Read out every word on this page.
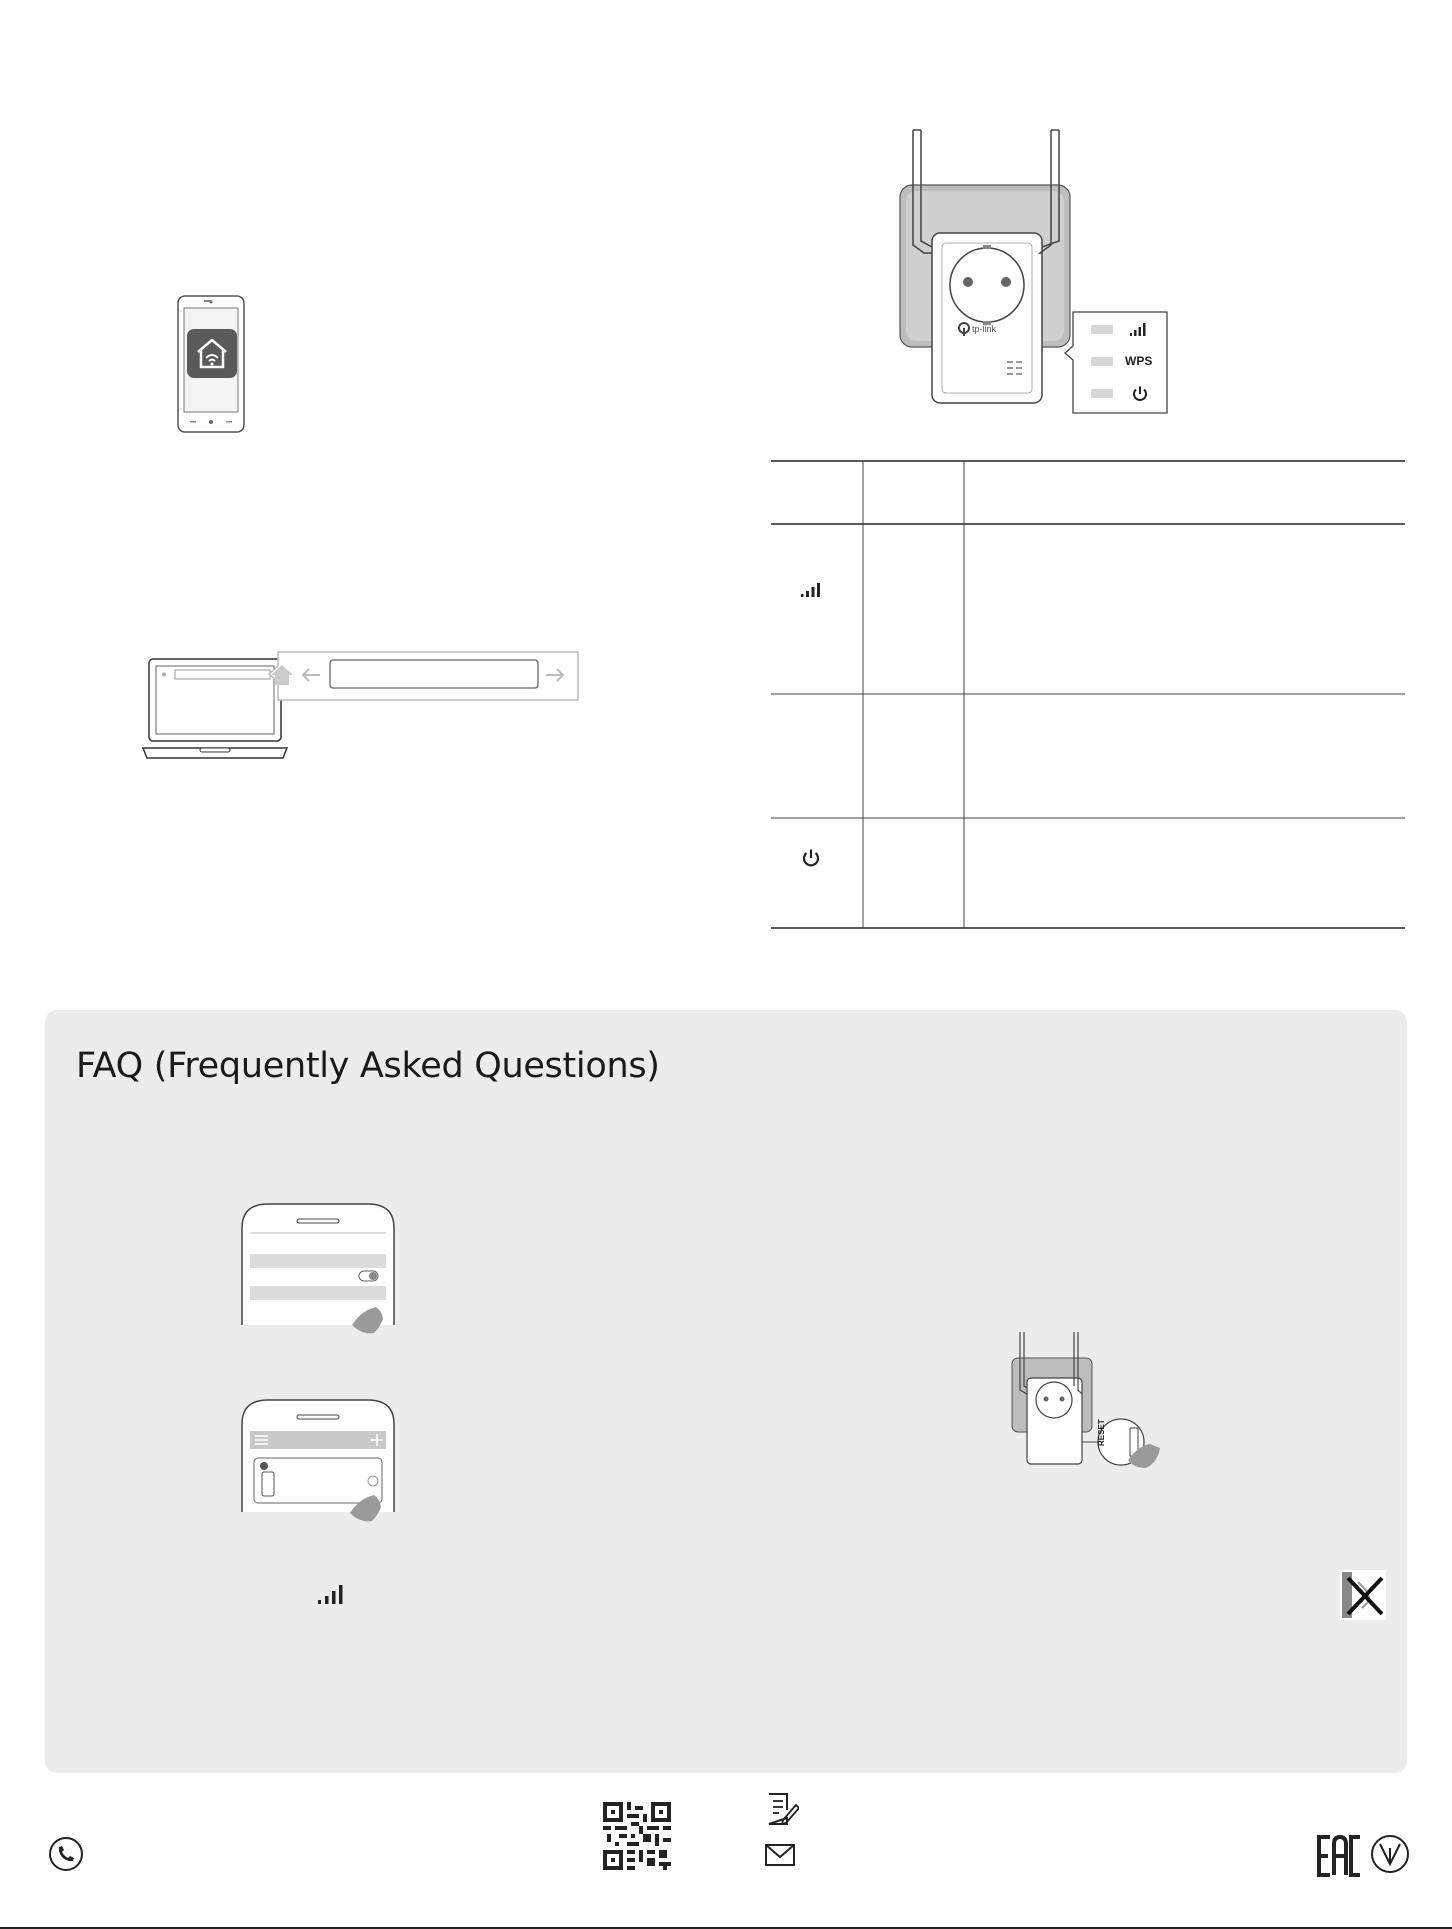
tp-link
WPS
FAQ (Frequently Asked Questions)
RESET
